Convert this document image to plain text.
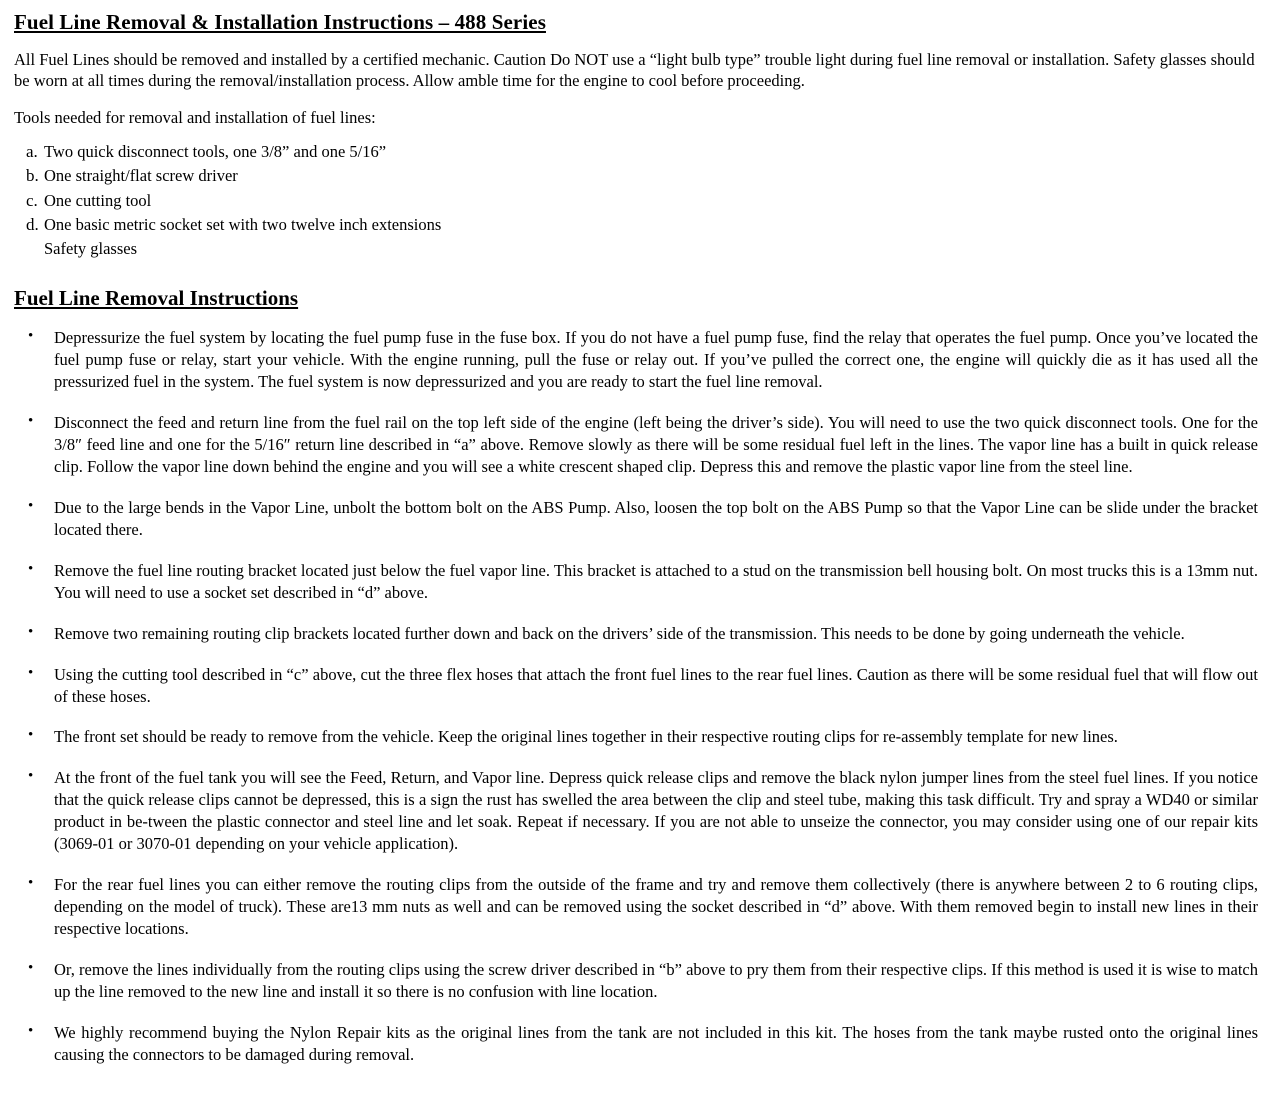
Fuel Line Removal & Installation Instructions – 488 Series

All Fuel Lines should be removed and installed by a certified mechanic. Caution Do NOT use a “light bulb type” trouble light during fuel line removal or installation. Safety glasses should be worn at all times during the removal/installation process. Allow amble time for the engine to cool before proceeding.

Tools needed for removal and installation of fuel lines:

a. Two quick disconnect tools, one 3/8” and one 5/16”
b. One straight/flat screw driver
c. One cutting tool
d. One basic metric socket set with two twelve inch extensions
Safety glasses
Fuel Line Removal Instructions
•	Depressurize the fuel system by locating the fuel pump fuse in the fuse box. If you do not have a fuel pump fuse, find the relay that operates the fuel pump. Once you’ve located the fuel pump fuse or relay, start your vehicle. With the engine running, pull the fuse or relay out. If you’ve pulled the correct one, the engine will quickly die as it has used all the pressurized fuel in the system. The fuel system is now depressurized and you are ready to start the fuel line removal.
•	Disconnect the feed and return line from the fuel rail on the top left side of the engine (left being the driver’s side). You will need to use the two quick disconnect tools. One for the 3/8″ feed line and one for the 5/16″ return line described in “a” above. Remove slowly as there will be some residual fuel left in the lines. The vapor line has a built in quick release clip. Follow the vapor line down behind the engine and you will see a white crescent shaped clip. Depress this and remove the plastic vapor line from the steel line.
•	Due to the large bends in the Vapor Line, unbolt the bottom bolt on the ABS Pump. Also, loosen the top bolt on the ABS Pump so that the Vapor Line can be slide under the bracket located there.
•	Remove the fuel line routing bracket located just below the fuel vapor line. This bracket is attached to a stud on the transmission bell housing bolt. On most trucks this is a 13mm nut. You will need to use a socket set described in “d” above.
•	Remove two remaining routing clip brackets located further down and back on the drivers’ side of the transmission. This needs to be done by going underneath the vehicle.
•	Using the cutting tool described in “c” above, cut the three flex hoses that attach the front fuel lines to the rear fuel lines. Caution as there will be some residual fuel that will flow out of these hoses.
•	The front set should be ready to remove from the vehicle. Keep the original lines together in their respective routing clips for re-assembly template for new lines.
•	At the front of the fuel tank you will see the Feed, Return, and Vapor line. Depress quick release clips and remove the black nylon jumper lines from the steel fuel lines. If you notice that the quick release clips cannot be depressed, this is a sign the rust has swelled the area between the clip and steel tube, making this task difficult. Try and spray a WD40 or similar product in be-tween the plastic connector and steel line and let soak. Repeat if necessary. If you are not able to unseize the connector, you may consider using one of our repair kits (3069-01 or 3070-01 depending on your vehicle application).
•	For the rear fuel lines you can either remove the routing clips from the outside of the frame and try and remove them collectively (there is anywhere between 2 to 6 routing clips, depending on the model of truck). These are13 mm nuts as well and can be removed using the socket described in “d” above. With them removed begin to install new lines in their respective locations.
•	Or, remove the lines individually from the routing clips using the screw driver described in “b” above to pry them from their respective clips. If this method is used it is wise to match up the line removed to the new line and install it so there is no confusion with line location.
•	We highly recommend buying the Nylon Repair kits as the original lines from the tank are not included in this kit. The hoses from the tank maybe rusted onto the original lines causing the connectors to be damaged during removal.
